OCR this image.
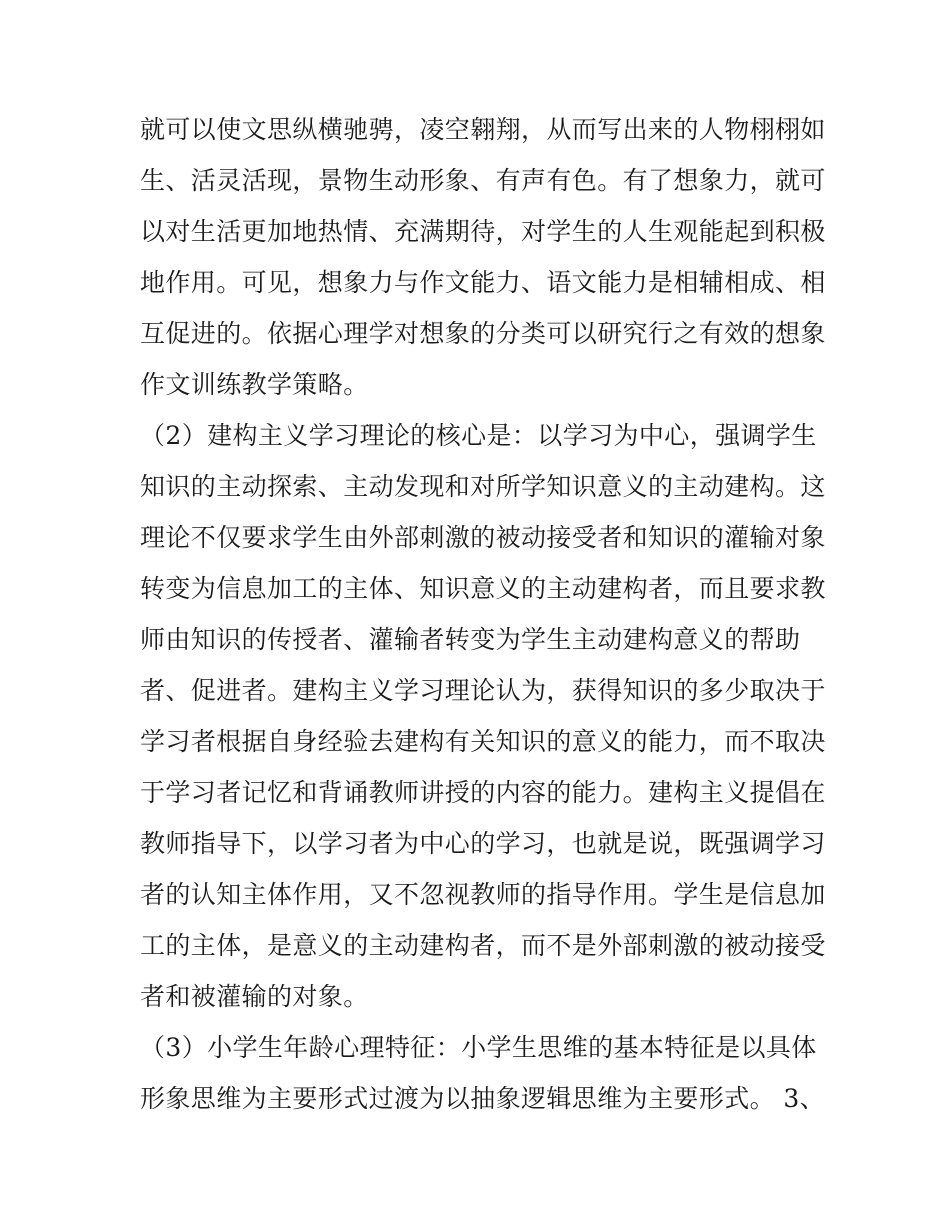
就可以使文思纵横驰骋，凌空翱翔，从而写出来的人物栩栩如
生、活灵活现，景物生动形象、有声有色。有了想象力，就可
以对生活更加地热情、充满期待，对学生的人生观能起到积极
地作用。可见，想象力与作文能力、语文能力是相辅相成、相
互促进的。依据心理学对想象的分类可以研究行之有效的想象
作文训练教学策略。
（2）建构主义学习理论的核心是：以学习为中心，强调学生
知识的主动探索、主动发现和对所学知识意义的主动建构。这
理论不仅要求学生由外部刺激的被动接受者和知识的灌输对象
转变为信息加工的主体、知识意义的主动建构者，而且要求教
师由知识的传授者、灌输者转变为学生主动建构意义的帮助
者、促进者。建构主义学习理论认为，获得知识的多少取决于
学习者根据自身经验去建构有关知识的意义的能力，而不取决
于学习者记忆和背诵教师讲授的内容的能力。建构主义提倡在
教师指导下，以学习者为中心的学习，也就是说，既强调学习
者的认知主体作用，又不忽视教师的指导作用。学生是信息加
工的主体，是意义的主动建构者，而不是外部刺激的被动接受
者和被灌输的对象。
（3）小学生年龄心理特征：小学生思维的基本特征是以具体
形象思维为主要形式过渡为以抽象逻辑思维为主要形式。 3、
